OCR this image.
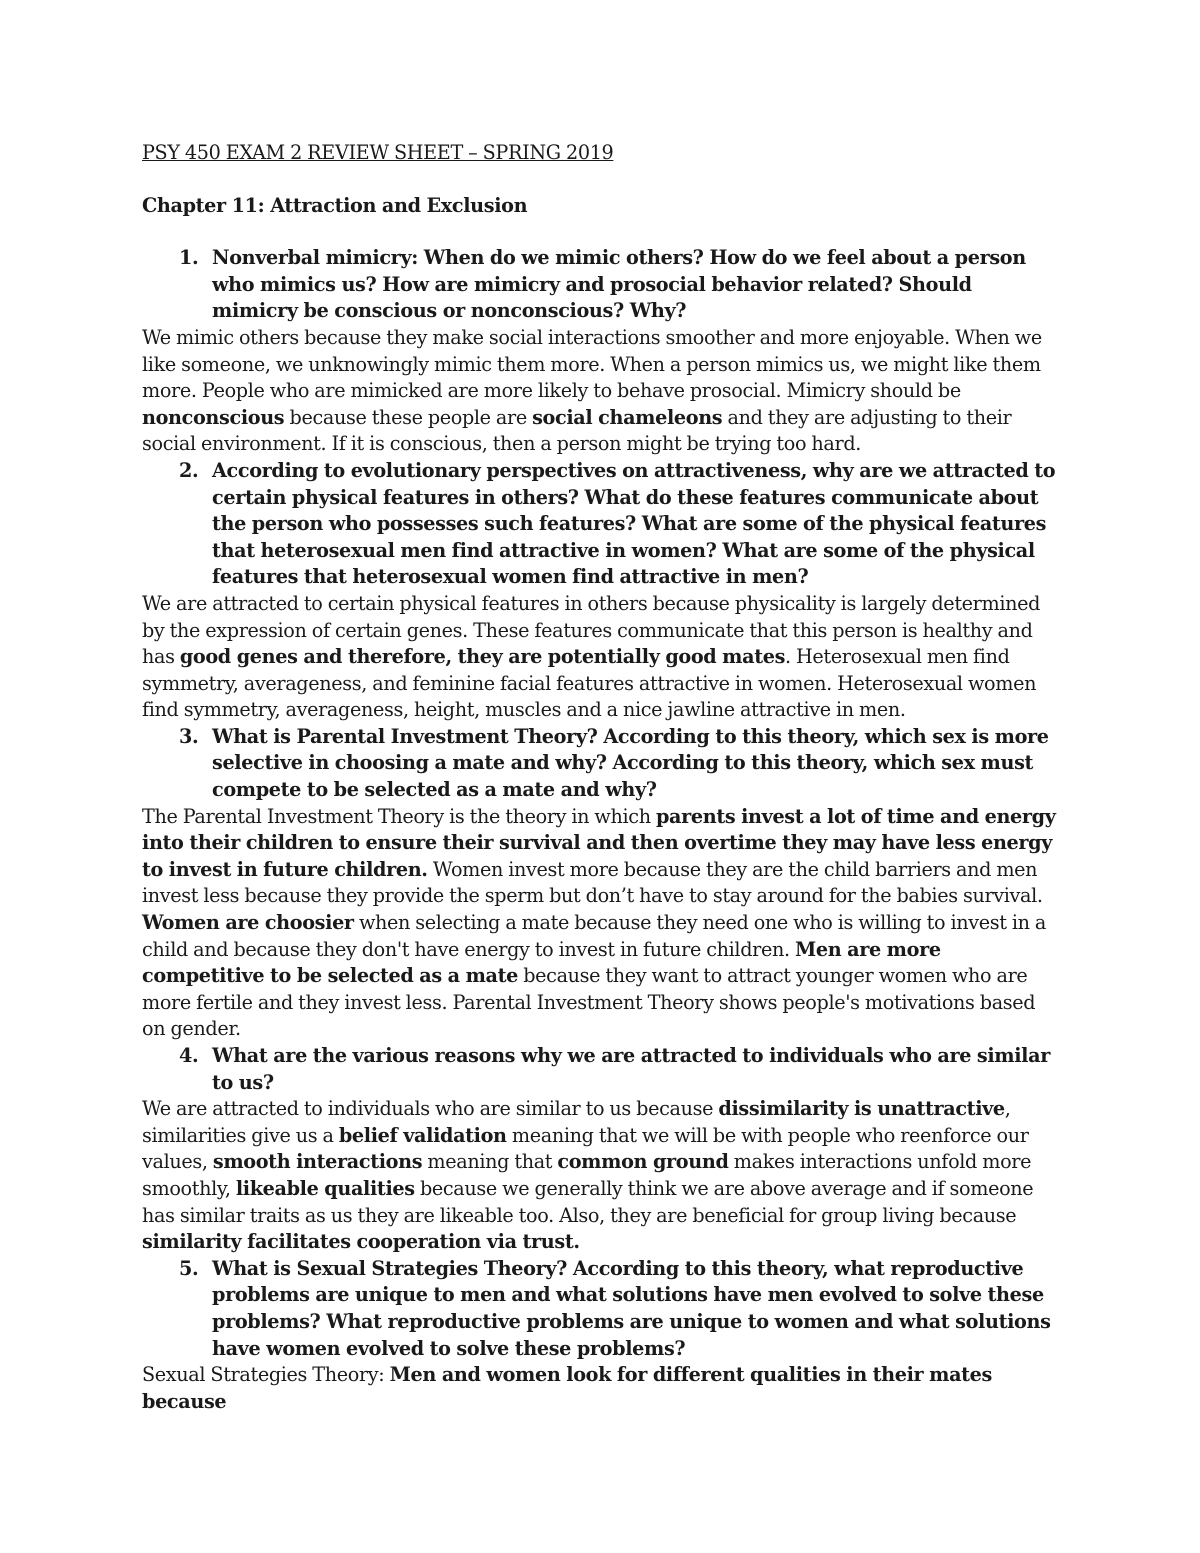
PSY 450 EXAM 2 REVIEW SHEET – SPRING 2019
Chapter 11: Attraction and Exclusion
1. Nonverbal mimicry: When do we mimic others? How do we feel about a person who mimics us? How are mimicry and prosocial behavior related? Should mimicry be conscious or nonconscious? Why?

We mimic others because they make social interactions smoother and more enjoyable. When we like someone, we unknowingly mimic them more. When a person mimics us, we might like them more. People who are mimicked are more likely to behave prosocial. Mimicry should be nonconscious because these people are social chameleons and they are adjusting to their social environment. If it is conscious, then a person might be trying too hard.

2. According to evolutionary perspectives on attractiveness, why are we attracted to certain physical features in others? What do these features communicate about the person who possesses such features? What are some of the physical features that heterosexual men find attractive in women? What are some of the physical features that heterosexual women find attractive in men?

We are attracted to certain physical features in others because physicality is largely determined by the expression of certain genes. These features communicate that this person is healthy and has good genes and therefore, they are potentially good mates. Heterosexual men find symmetry, averageness, and feminine facial features attractive in women. Heterosexual women find symmetry, averageness, height, muscles and a nice jawline attractive in men.

3. What is Parental Investment Theory? According to this theory, which sex is more selective in choosing a mate and why? According to this theory, which sex must compete to be selected as a mate and why?

The Parental Investment Theory is the theory in which parents invest a lot of time and energy into their children to ensure their survival and then overtime they may have less energy to invest in future children. Women invest more because they are the child barriers and men invest less because they provide the sperm but don’t have to stay around for the babies survival. Women are choosier when selecting a mate because they need one who is willing to invest in a child and because they don't have energy to invest in future children. Men are more competitive to be selected as a mate because they want to attract younger women who are more fertile and they invest less. Parental Investment Theory shows people's motivations based on gender.

4. What are the various reasons why we are attracted to individuals who are similar to us?

We are attracted to individuals who are similar to us because dissimilarity is unattractive, similarities give us a belief validation meaning that we will be with people who reenforce our values, smooth interactions meaning that common ground makes interactions unfold more smoothly, likeable qualities because we generally think we are above average and if someone has similar traits as us they are likeable too. Also, they are beneficial for group living because similarity facilitates cooperation via trust.

5. What is Sexual Strategies Theory? According to this theory, what reproductive problems are unique to men and what solutions have men evolved to solve these problems? What reproductive problems are unique to women and what solutions have women evolved to solve these problems?

Sexual Strategies Theory: Men and women look for different qualities in their mates because
